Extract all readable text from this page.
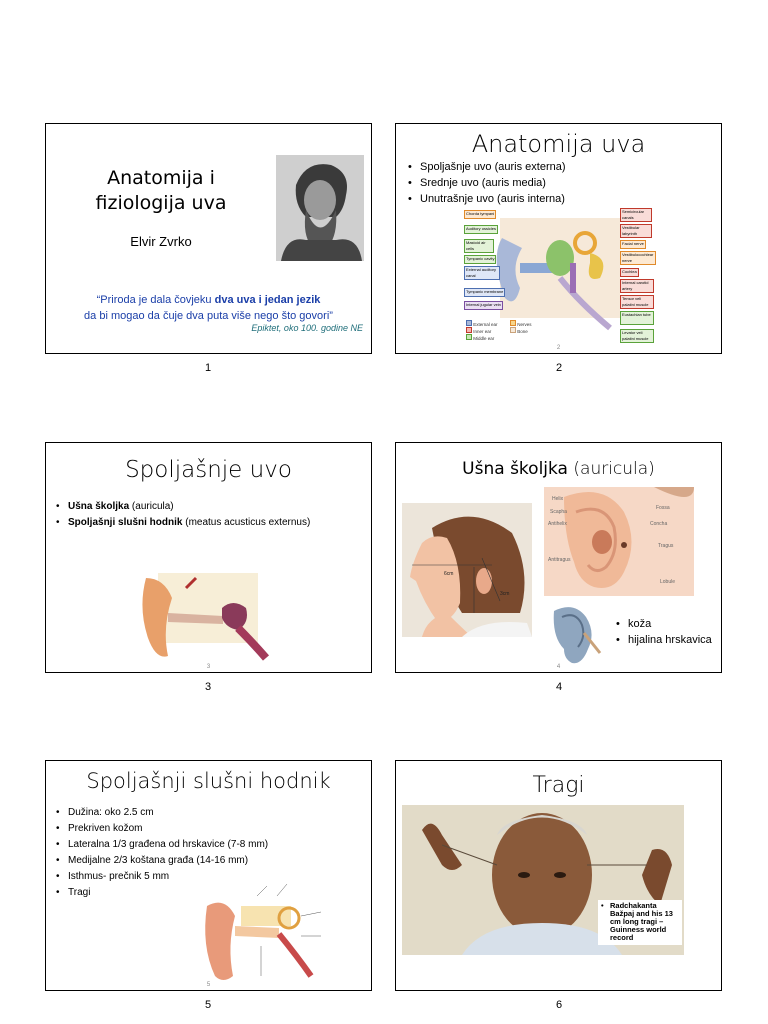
Anatomija i fiziologija uva
Elvir Zvrko
“Priroda je dala čovjeku dva uva i jedan jezik
da bi mogao da čuje dva puta više nego što govori”
Epiktet, oko 100. godine NE
1
Anatomija uva
• Spoljašnje uvo (auris externa)
• Srednje uvo (auris media)
• Unutrašnje uvo (auris interna)
Chorda tympani
Auditory ossicles
Mastoid air cells
Tympanic cavity
External auditory canal
Tympanic membrane
Internal jugular vein
Semicircular canals
Vestibular labyrinth
Facial nerve
Vestibulocochlear nerve
Cochlea
Internal carotid artery
Tensor veli palatini muscle
Eustachian tube
Levator veli palatini muscle
External ear
Inner ear
Middle ear
Nerves
Bone
2
2
Spoljašnje uvo
• Ušna školjka (auricula)
• Spoljašnji slušni hodnik (meatus acusticus externus)
3
3
Ušna školjka (auricula)
6cm
3cm
Helix
Scapha
Antihelix
Antitragus
Fossa
Concha
Tragus
Lobule
• koža
• hijalina hrskavica
4
4
Spoljašnji slušni hodnik
• Dužina: oko 2.5 cm
• Prekriven kožom
• Lateralna 1/3 građena od hrskavice (7-8 mm)
• Medijalne 2/3 koštana građa (14-16 mm)
• Isthmus- prečnik 5 mm
• Tragi
5
5
Tragi
• Radchakanta Bažpaj and his 13 cm long tragi – Guinness world record
6
